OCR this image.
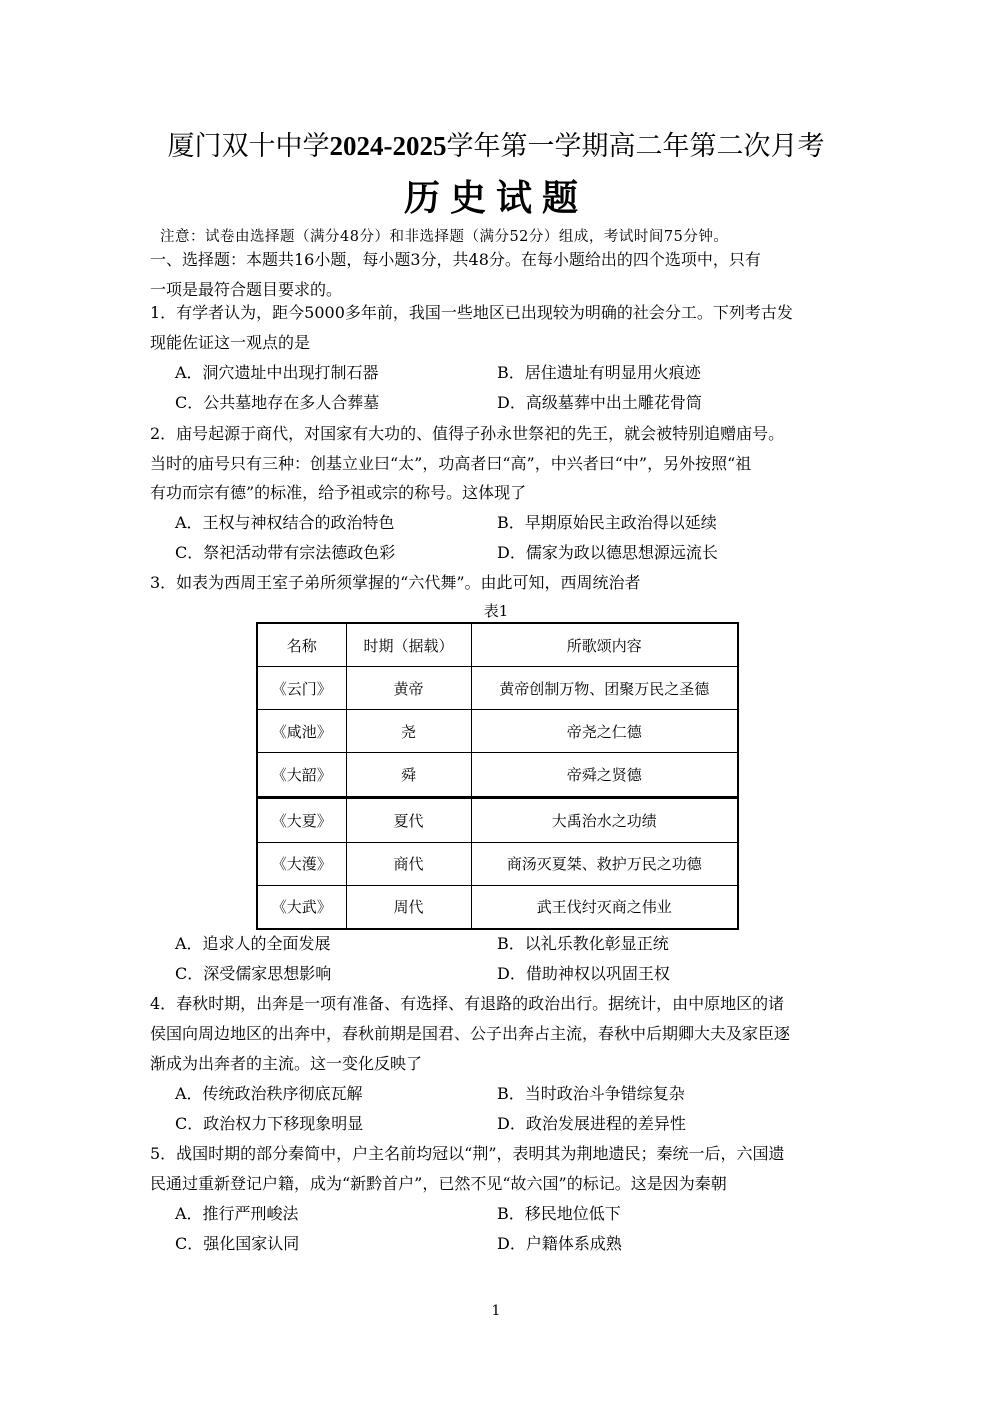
厦门双十中学2024-2025学年第一学期高二年第二次月考
历史试题
注意：试卷由选择题（满分48分）和非选择题（满分52分）组成，考试时间75分钟。
一、选择题：本题共16小题，每小题3分，共48分。在每小题给出的四个选项中，只有
一项是最符合题目要求的。
1．有学者认为，距今5000多年前，我国一些地区已出现较为明确的社会分工。下列考古发
现能佐证这一观点的是
A．洞穴遗址中出现打制石器	B．居住遗址有明显用火痕迹
C．公共墓地存在多人合葬墓	D．高级墓葬中出土雕花骨筒
2．庙号起源于商代，对国家有大功的、值得子孙永世祭祀的先王，就会被特别追赠庙号。
当时的庙号只有三种：创基立业曰“太”，功高者曰“高”，中兴者曰“中”，另外按照“祖
有功而宗有德”的标准，给予祖或宗的称号。这体现了
A．王权与神权结合的政治特色	B．早期原始民主政治得以延续
C．祭祀活动带有宗法德政色彩	D．儒家为政以德思想源远流长
3．如表为西周王室子弟所须掌握的“六代舞”。由此可知，西周统治者
表1
名称	时期（据载）	所歌颂内容
《云门》	黄帝	黄帝创制万物、团聚万民之圣德
《咸池》	尧	帝尧之仁德
《大韶》	舜	帝舜之贤德
《大夏》	夏代	大禹治水之功绩
《大濩》	商代	商汤灭夏桀、救护万民之功德
《大武》	周代	武王伐纣灭商之伟业
A．追求人的全面发展	B．以礼乐教化彰显正统
C．深受儒家思想影响	D．借助神权以巩固王权
4．春秋时期，出奔是一项有准备、有选择、有退路的政治出行。据统计，由中原地区的诸
侯国向周边地区的出奔中，春秋前期是国君、公子出奔占主流，春秋中后期卿大夫及家臣逐
渐成为出奔者的主流。这一变化反映了
A．传统政治秩序彻底瓦解	B．当时政治斗争错综复杂
C．政治权力下移现象明显	D．政治发展进程的差异性
5．战国时期的部分秦简中，户主名前均冠以“荆”，表明其为荆地遗民；秦统一后，六国遗
民通过重新登记户籍，成为“新黔首户”，已然不见“故六国”的标记。这是因为秦朝
A．推行严刑峻法	B．移民地位低下
C．强化国家认同	D．户籍体系成熟
1
